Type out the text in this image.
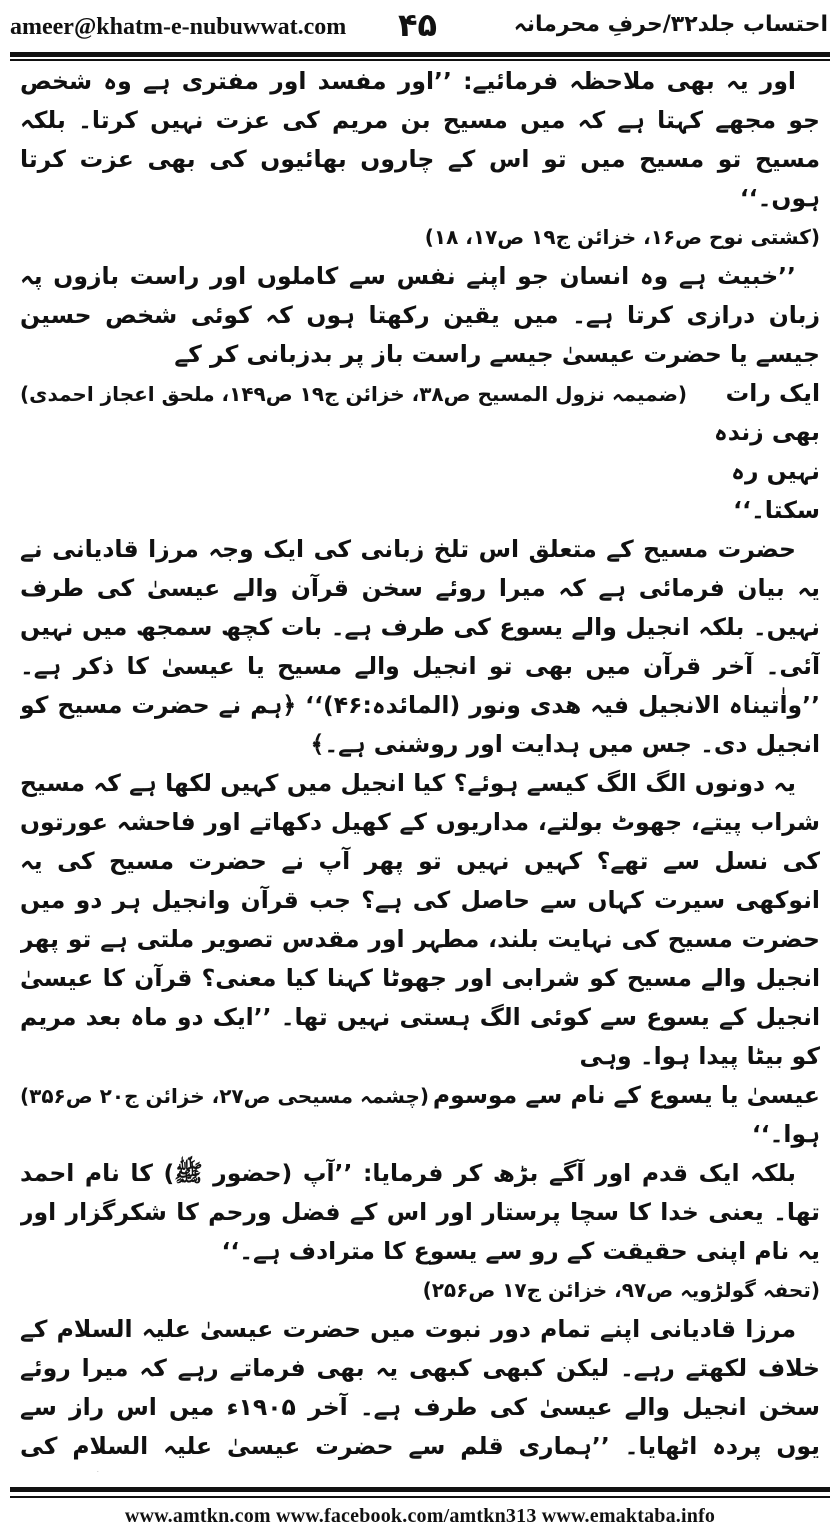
ameer@khatm-e-nubuwwat.com ۴۵	احتساب جلد۳۲/حرفِ محرمانہ

اور یہ بھی ملاحظہ فرمائیے: ’’اور مفسد اور مفتری ہے وہ شخص جو مجھے کہتا ہے کہ میں مسیح بن مریم کی عزت نہیں کرتا۔ بلکہ مسیح تو مسیح میں تو اس کے چاروں بھائیوں کی بھی عزت کرتا ہوں۔‘‘

(کشتی نوح ص۱۶، خزائن ج۱۹ ص۱۷، ۱۸)

’’خبیث ہے وہ انسان جو اپنے نفس سے کاملوں اور راست بازوں پہ زبان درازی کرتا ہے۔ میں یقین رکھتا ہوں کہ کوئی شخص حسین جیسے یا حضرت عیسیٰ جیسے راست باز پر بدزبانی کر کے

ایک رات بھی زندہ نہیں رہ سکتا۔‘‘
(ضمیمہ نزول المسیح ص۳۸، خزائن ج۱۹ ص۱۴۹، ملحق اعجاز احمدی)

حضرت مسیح کے متعلق اس تلخ زبانی کی ایک وجہ مرزا قادیانی نے یہ بیان فرمائی ہے کہ میرا روئے سخن قرآن والے عیسیٰ کی طرف نہیں۔ بلکہ انجیل والے یسوع کی طرف ہے۔ بات کچھ سمجھ میں نہیں آئی۔ آخر قرآن میں بھی تو انجیل والے مسیح یا عیسیٰ کا ذکر ہے۔ ’’واٰتیناہ الانجیل فیہ ھدی ونور (المائدہ:۴۶)‘‘ ﴿ہم نے حضرت مسیح کو انجیل دی۔ جس میں ہدایت اور روشنی ہے۔﴾

یہ دونوں الگ الگ کیسے ہوئے؟ کیا انجیل میں کہیں لکھا ہے کہ مسیح شراب پیتے، جھوٹ بولتے، مداریوں کے کھیل دکھاتے اور فاحشہ عورتوں کی نسل سے تھے؟ کہیں نہیں تو پھر آپ نے حضرت مسیح کی یہ انوکھی سیرت کہاں سے حاصل کی ہے؟ جب قرآن وانجیل ہر دو میں حضرت مسیح کی نہایت بلند، مطہر اور مقدس تصویر ملتی ہے تو پھر انجیل والے مسیح کو شرابی اور جھوٹا کہنا کیا معنی؟ قرآن کا عیسیٰ انجیل کے یسوع سے کوئی الگ ہستی نہیں تھا۔ ’’ایک دو ماہ بعد مریم کو بیٹا پیدا ہوا۔ وہی

عیسیٰ یا یسوع کے نام سے موسوم ہوا۔‘‘
(چشمہ مسیحی ص۲۷، خزائن ج۲۰ ص۳۵۶)

بلکہ ایک قدم اور آگے بڑھ کر فرمایا: ’’آپ (حضور ﷺ) کا نام احمد تھا۔ یعنی خدا کا سچا پرستار اور اس کے فضل ورحم کا شکرگزار اور یہ نام اپنی حقیقت کے رو سے یسوع کا مترادف ہے۔‘‘

(تحفہ گولڑویہ ص۹۷، خزائن ج۱۷ ص۲۵۶)

مرزا قادیانی اپنے تمام دور نبوت میں حضرت عیسیٰ علیہ السلام کے خلاف لکھتے رہے۔ لیکن کبھی کبھی یہ بھی فرماتے رہے کہ میرا روئے سخن انجیل والے عیسیٰ کی طرف ہے۔ آخر ۱۹۰۵ء میں اس راز سے یوں پردہ اٹھایا۔ ’’ہماری قلم سے حضرت عیسیٰ علیہ السلام کی

www.amtkn.com www.facebook.com/amtkn313 www.emaktaba.info
